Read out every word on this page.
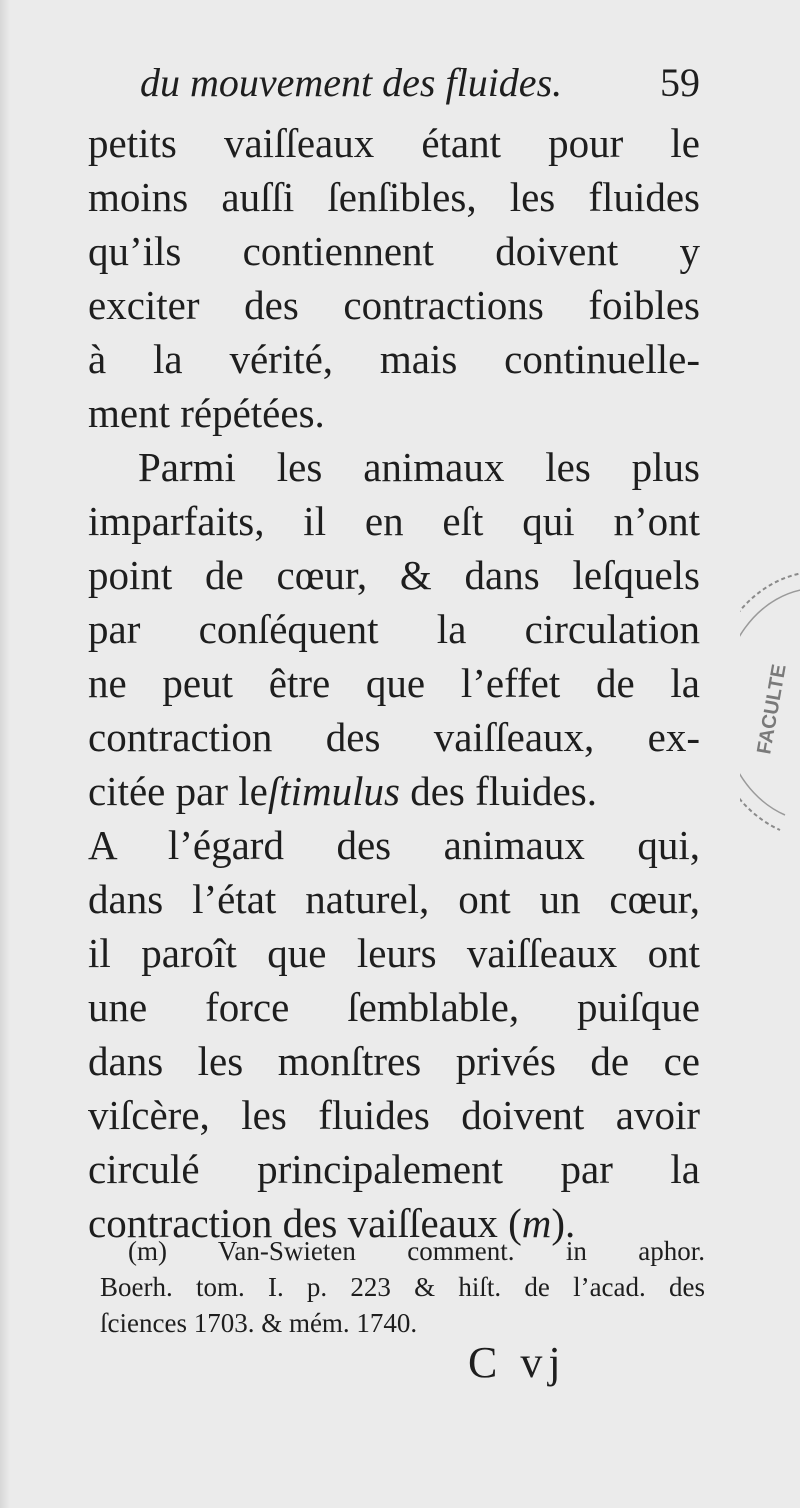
du mouvement des fluides. 59
petits vaiſſeaux étant pour le
moins auſſi ſenſibles, les fluides
qu’ils contiennent doivent y
exciter des contractions foibles
à la vérité, mais continuelle-
ment répétées.
Parmi les animaux les plus
imparfaits, il en eſt qui n’ont
point de cœur, & dans leſquels
par conſéquent la circulation
ne peut être que l’effet de la
contraction des vaiſſeaux, ex-
citée par leſtimulus des fluides.
A l’égard des animaux qui,
dans l’état naturel, ont un cœur,
il paroît que leurs vaiſſeaux ont
une force ſemblable, puiſque
dans les monſtres privés de ce
viſcère, les fluides doivent avoir
circulé principalement par la
contraction des vaiſſeaux (m).
(m) Van-Swieten comment. in aphor.
Boerh. tom. I. p. 223 & hiſt. de l’acad. des
ſciences 1703. & mém. 1740.
C vj
FACULTE
